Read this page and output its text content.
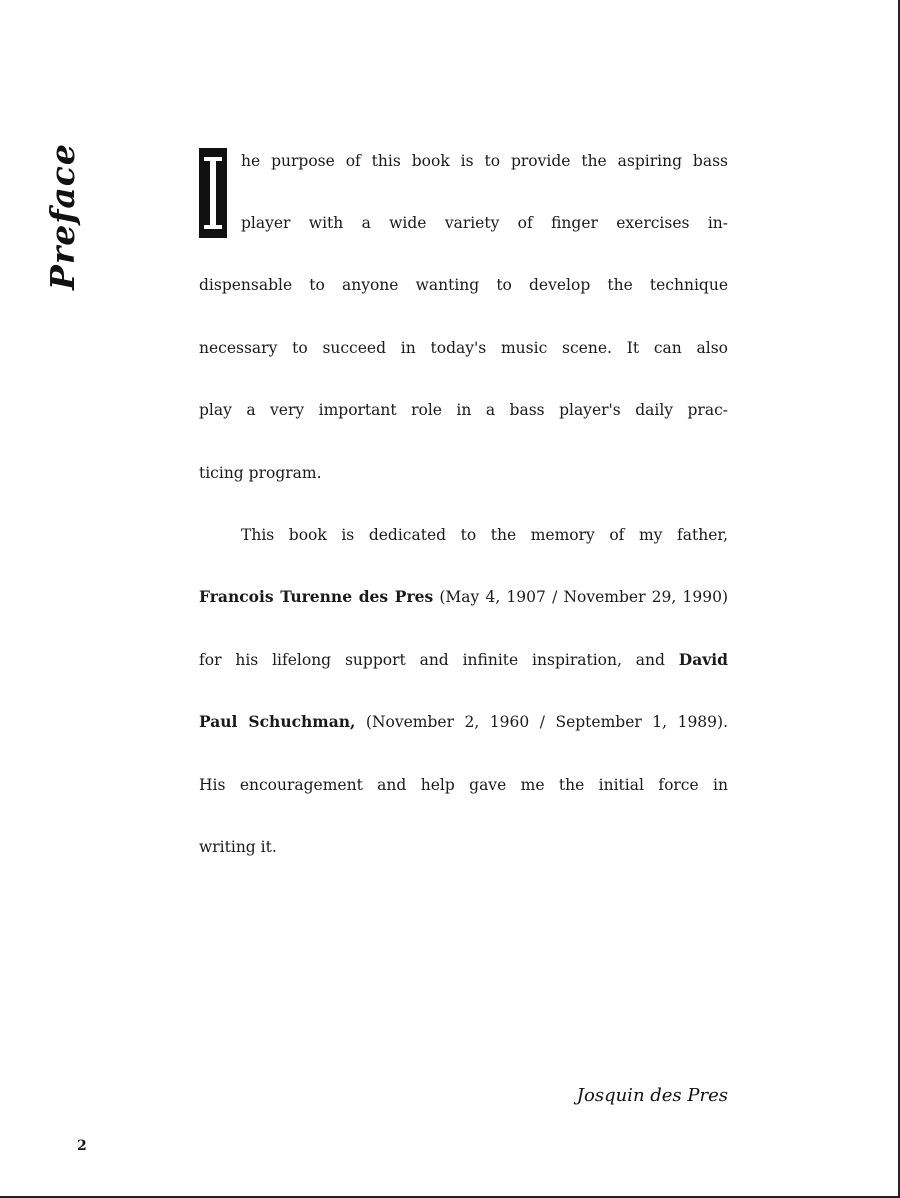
Preface	he purpose of this book is to provide the aspiring bass
player with a wide variety of finger exercises in-
dispensable to anyone wanting to develop the technique
necessary to succeed in today's music scene. It can also
play a very important role in a bass player's daily prac-
ticing program.
This book is dedicated to the memory of my father,
Francois Turenne des Pres (May 4, 1907 / November 29, 1990)
for his lifelong support and infinite inspiration, and David
Paul Schuchman, (November 2, 1960 / September 1, 1989).
His encouragement and help gave me the initial force in
writing it.
Josquin des Pres
2
